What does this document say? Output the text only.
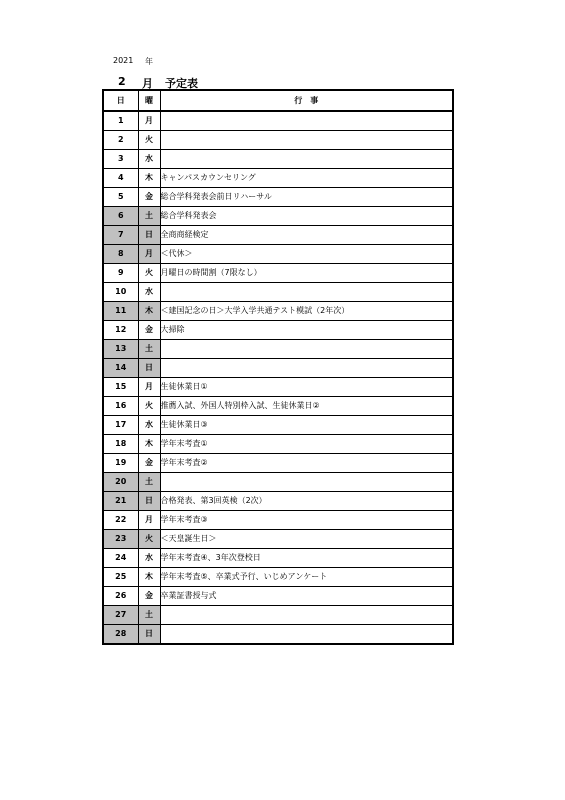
2021 年
2 月 予定表
日	曜	行　事
1	月	
2	火	
3	水	
4	木	キャンパスカウンセリング
5	金	総合学科発表会前日リハーサル
6	土	総合学科発表会
7	日	全商商経検定
8	月	＜代休＞
9	火	月曜日の時間割（7限なし）
10	水	
11	木	＜建国記念の日＞大学入学共通テスト模試（2年次）
12	金	大掃除
13	土	
14	日	
15	月	生徒休業日①
16	火	推薦入試、外国人特別枠入試、生徒休業日②
17	水	生徒休業日③
18	木	学年末考査①
19	金	学年末考査②
20	土	
21	日	合格発表、第3回英検（2次）
22	月	学年末考査③
23	火	＜天皇誕生日＞
24	水	学年末考査④、3年次登校日
25	木	学年末考査⑤、卒業式予行、いじめアンケート
26	金	卒業証書授与式
27	土	
28	日	
